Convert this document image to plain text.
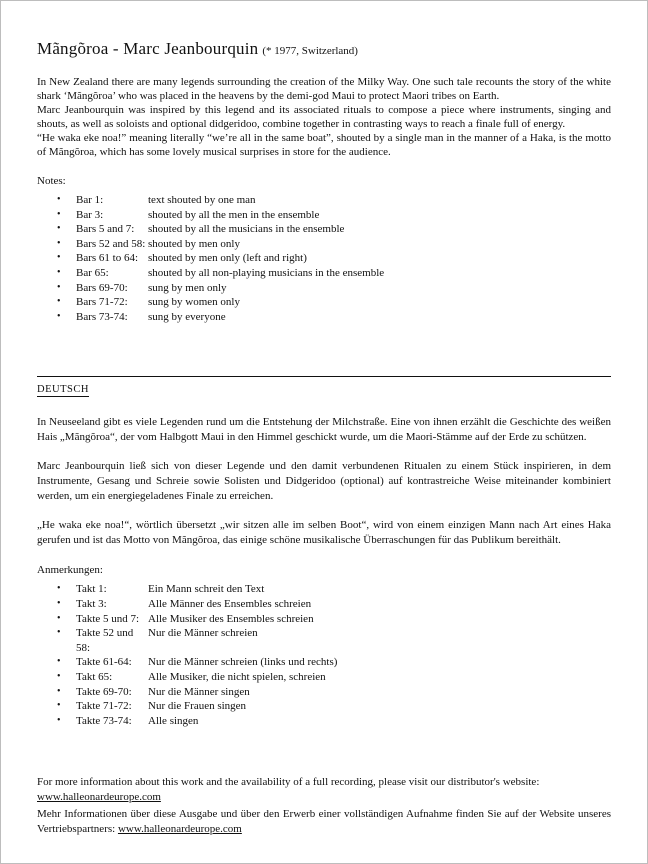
Mãngõroa - Marc Jeanbourquin (* 1977, Switzerland)

In New Zealand there are many legends surrounding the creation of the Milky Way. One such tale recounts the story of the white shark ‘Mãngõroa’ who was placed in the heavens by the demi-god Maui to protect Maori tribes on Earth.

Marc Jeanbourquin was inspired by this legend and its associated rituals to compose a piece where instruments, singing and shouts, as well as soloists and optional didgeridoo, combine together in contrasting ways to reach a finale full of energy.

“He waka eke noa!” meaning literally “we’re all in the same boat”, shouted by a single man in the manner of a Haka, is the motto of Mãngõroa, which has some lovely musical surprises in store for the audience.

Notes:
•	Bar 1:	text shouted by one man
•	Bar 3:	shouted by all the men in the ensemble
•	Bars 5 and 7:	shouted by all the musicians in the ensemble
•	Bars 52 and 58: shouted by men only
•	Bars 61 to 64: shouted by men only (left and right)
•	Bar 65:	shouted by all non-playing musicians in the ensemble
•	Bars 69-70:	sung by men only
•	Bars 71-72:	sung by women only
•	Bars 73-74:	sung by everyone
DEUTSCH

In Neuseeland gibt es viele Legenden rund um die Entstehung der Milchstraße. Eine von ihnen erzählt die Geschichte des weißen Hais „Mãngõroa“, der vom Halbgott Maui in den Himmel geschickt wurde, um die Maori-Stämme auf der Erde zu schützen.

Marc Jeanbourquin ließ sich von dieser Legende und den damit verbundenen Ritualen zu einem Stück inspirieren, in dem Instrumente, Gesang und Schreie sowie Solisten und Didgeridoo (optional) auf kontrastreiche Weise miteinander kombiniert werden, um ein energiegeladenes Finale zu erreichen.

„He waka eke noa!“, wörtlich übersetzt „wir sitzen alle im selben Boot“, wird von einem einzigen Mann nach Art eines Haka gerufen und ist das Motto von Mãngõroa, das einige schöne musikalische Überraschungen für das Publikum bereithält.

Anmerkungen:
•	Takt 1:	Ein Mann schreit den Text
•	Takt 3:	Alle Männer des Ensembles schreien
•	Takte 5 und 7: Alle Musiker des Ensembles schreien
•	Takte 52 und 58:
Nur die Männer schreien
•	Takte 61-64:	Nur die Männer schreien (links und rechts)
•	Takt 65:	Alle Musiker, die nicht spielen, schreien
•	Takte 69-70:	Nur die Männer singen
•	Takte 71-72:	Nur die Frauen singen
•	Takte 73-74:	Alle singen

For more information about this work and the availability of a full recording, please visit our distributor's website: www.halleonardeurope.com

Mehr Informationen über diese Ausgabe und über den Erwerb einer vollständigen Aufnahme finden Sie auf der Website unseres Vertriebspartners: www.halleonardeurope.com
